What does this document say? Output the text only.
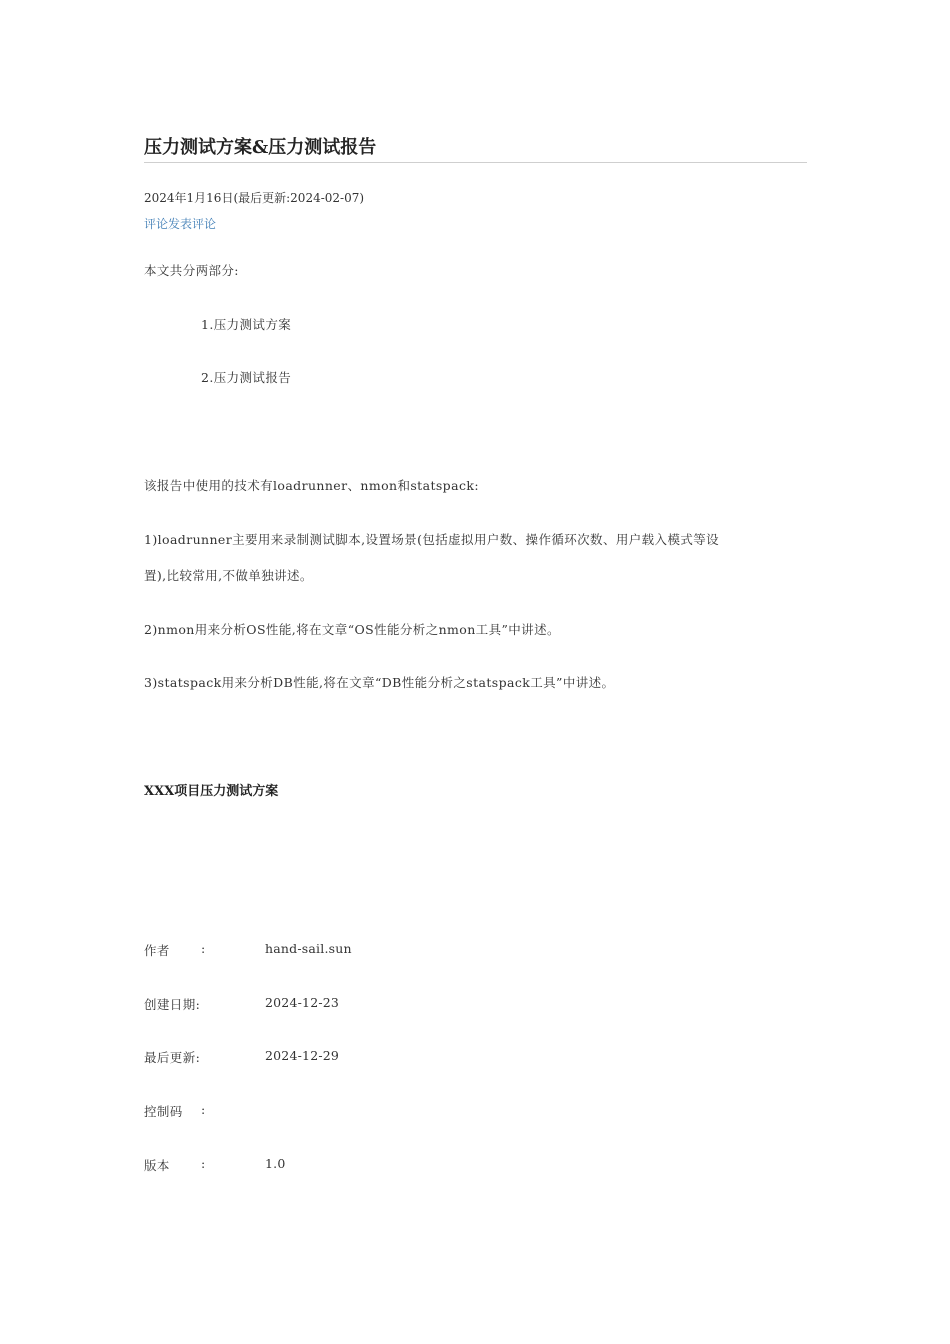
压力测试方案&压力测试报告
2024年1月16日(最后更新:2024-02-07)
评论发表评论
本文共分两部分:
1.压力测试方案
2.压力测试报告
该报告中使用的技术有loadrunner、nmon和statspack:
1)loadrunner主要用来录制测试脚本,设置场景(包括虚拟用户数、操作循环次数、用户载入模式等设
置),比较常用,不做单独讲述。
2)nmon用来分析OS性能,将在文章“OS性能分析之nmon工具”中讲述。
3)statspack用来分析DB性能,将在文章“DB性能分析之statspack工具”中讲述。
XXX项目压力测试方案
作者 :	hand-sail.sun
创建日期:	2024-12-23
最后更新:	2024-12-29
控制码 :
版本 :	1.0
